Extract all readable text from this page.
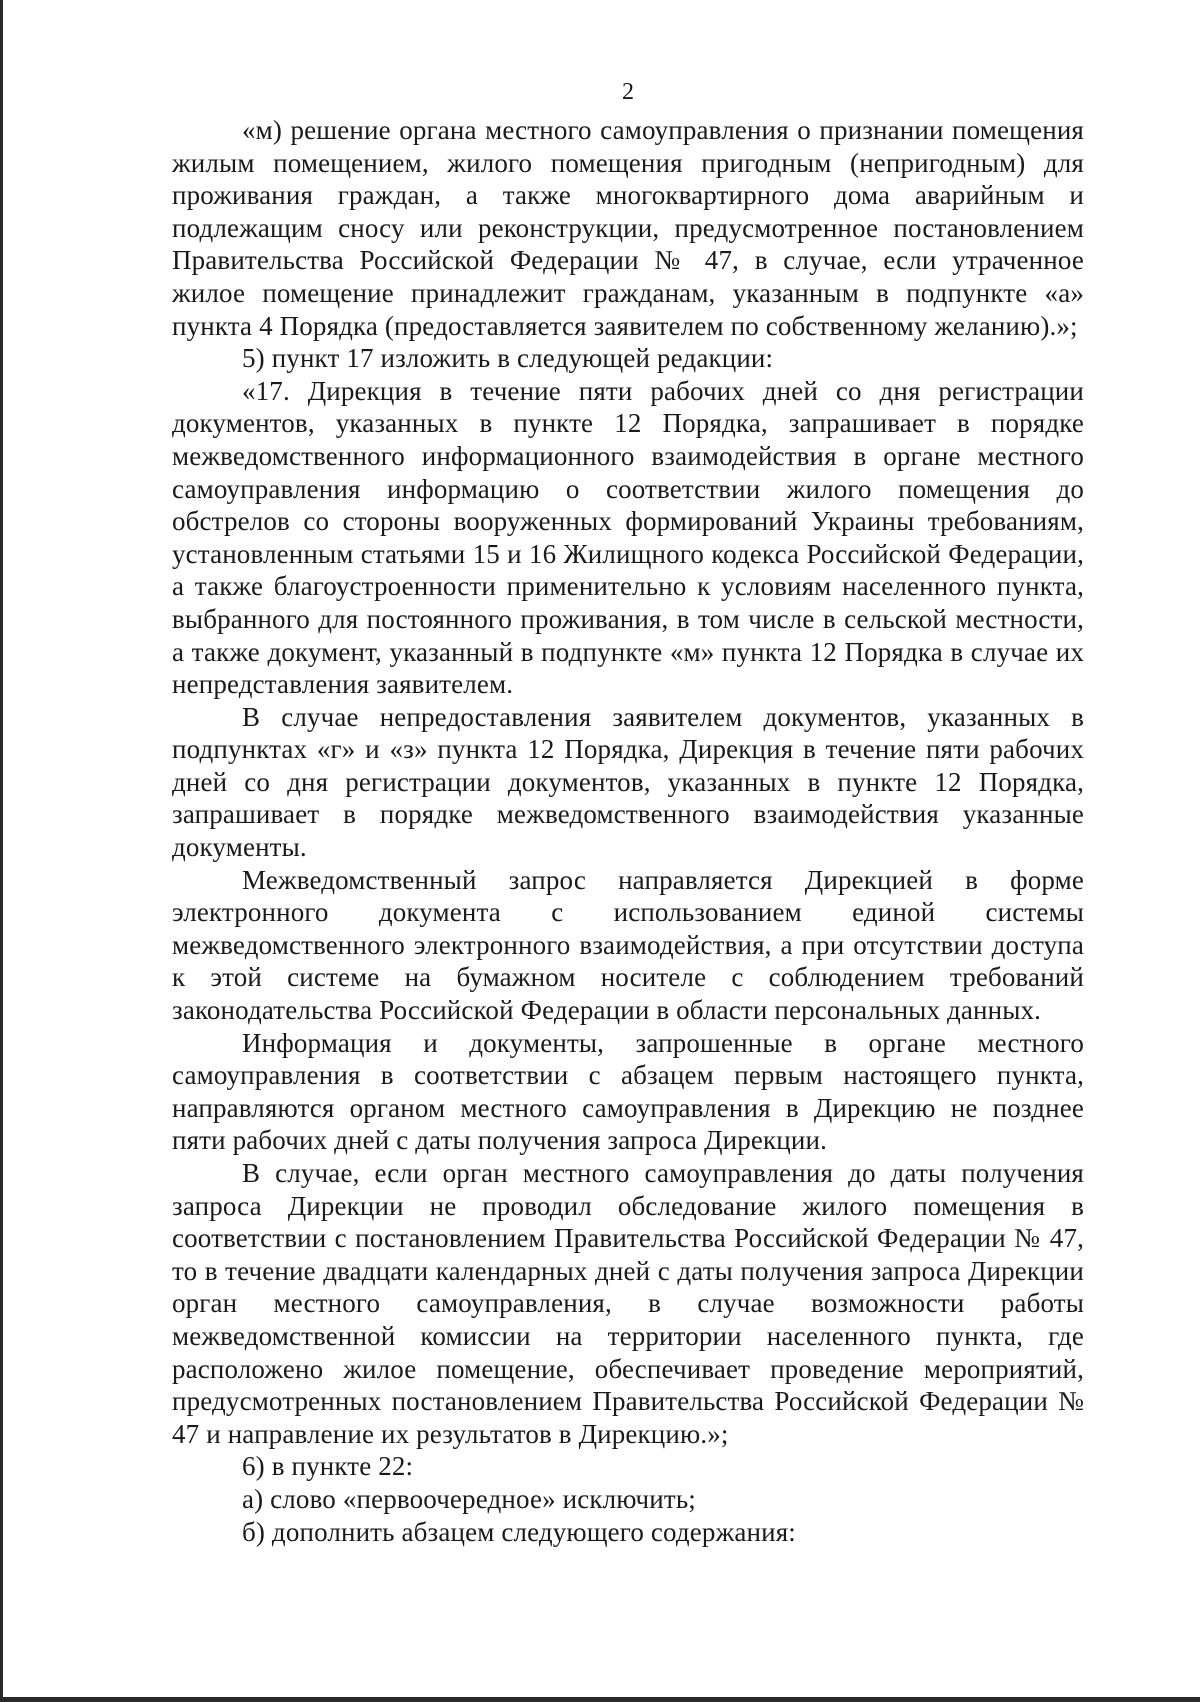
2

«м) решение органа местного самоуправления о признании помещения жилым помещением, жилого помещения пригодным (непригодным) для проживания граждан, а также многоквартирного дома аварийным и подлежащим сносу или реконструкции, предусмотренное постановлением Правительства Российской Федерации № 47, в случае, если утраченное жилое помещение принадлежит гражданам, указанным в подпункте «а» пункта 4 Порядка (предоставляется заявителем по собственному желанию).»;

5) пункт 17 изложить в следующей редакции:

«17. Дирекция в течение пяти рабочих дней со дня регистрации документов, указанных в пункте 12 Порядка, запрашивает в порядке межведомственного информационного взаимодействия в органе местного самоуправления информацию о соответствии жилого помещения до обстрелов со стороны вооруженных формирований Украины требованиям, установленным статьями 15 и 16 Жилищного кодекса Российской Федерации, а также благоустроенности применительно к условиям населенного пункта, выбранного для постоянного проживания, в том числе в сельской местности, а также документ, указанный в подпункте «м» пункта 12 Порядка в случае их непредставления заявителем.

В случае непредоставления заявителем документов, указанных в подпунктах «г» и «з» пункта 12 Порядка, Дирекция в течение пяти рабочих дней со дня регистрации документов, указанных в пункте 12 Порядка, запрашивает в порядке межведомственного взаимодействия указанные документы.

Межведомственный запрос направляется Дирекцией в форме электронного документа с использованием единой системы межведомственного электронного взаимодействия, а при отсутствии доступа к этой системе на бумажном носителе с соблюдением требований законодательства Российской Федерации в области персональных данных.

Информация и документы, запрошенные в органе местного самоуправления в соответствии с абзацем первым настоящего пункта, направляются органом местного самоуправления в Дирекцию не позднее пяти рабочих дней с даты получения запроса Дирекции.

В случае, если орган местного самоуправления до даты получения запроса Дирекции не проводил обследование жилого помещения в соответствии с постановлением Правительства Российской Федерации № 47, то в течение двадцати календарных дней с даты получения запроса Дирекции орган местного самоуправления, в случае возможности работы межведомственной комиссии на территории населенного пункта, где расположено жилое помещение, обеспечивает проведение мероприятий, предусмотренных постановлением Правительства Российской Федерации № 47 и направление их результатов в Дирекцию.»;

6) в пункте 22:

а) слово «первоочередное» исключить;

б) дополнить абзацем следующего содержания:
